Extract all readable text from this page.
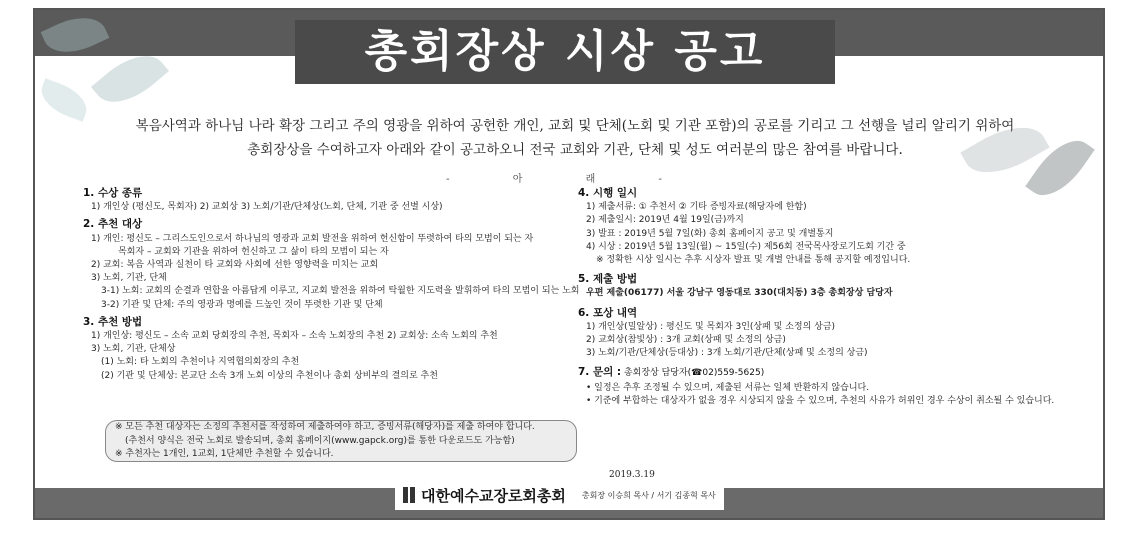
총회장상 시상 공고
복음사역과 하나님 나라 확장 그리고 주의 영광을 위하여 공헌한 개인, 교회 및 단체(노회 및 기관 포함)의 공로를 기리고 그 선행을 널리 알리기 위하여
총회장상을 수여하고자 아래와 같이 공고하오니 전국 교회와 기관, 단체 및 성도 여러분의 많은 참여를 바랍니다.
- 아 래 -
1. 수상 종류
1) 개인상 (평신도, 목회자) 2) 교회상 3) 노회/기관/단체상(노회, 단체, 기관 중 선별 시상)
2. 추천 대상
1) 개인: 평신도 – 그리스도인으로서 하나님의 영광과 교회 발전을 위하여 헌신함이 뚜렷하여 타의 모범이 되는 자
목회자 – 교회와 기관을 위하여 헌신하고 그 삶이 타의 모범이 되는 자
2) 교회: 복음 사역과 실천이 타 교회와 사회에 선한 영향력을 미치는 교회
3) 노회, 기관, 단체
3-1) 노회: 교회의 순결과 연합을 아름답게 이루고, 지교회 발전을 위하여 탁월한 지도력을 발휘하여 타의 모범이 되는 노회
3-2) 기관 및 단체: 주의 영광과 명예를 드높인 것이 뚜렷한 기관 및 단체
3. 추천 방법
1) 개인상: 평신도 – 소속 교회 당회장의 추천, 목회자 – 소속 노회장의 추천 2) 교회상: 소속 노회의 추천
3) 노회, 기관, 단체상
(1) 노회: 타 노회의 추천이나 지역협의회장의 추천
(2) 기관 및 단체상: 본교단 소속 3개 노회 이상의 추천이나 총회 상비부의 결의로 추천
※ 모든 추천 대상자는 소정의 추천서를 작성하여 제출하여야 하고, 증빙서류(해당자)를 제출 하여야 합니다.
(추천서 양식은 전국 노회로 발송되며, 총회 홈페이지(www.gapck.org)를 통한 다운로드도 가능함)
※ 추천자는 1개인, 1교회, 1단체만 추천할 수 있습니다.
4. 시행 일시
1) 제출서류: ① 추천서 ② 기타 증빙자료(해당자에 한함)
2) 제출일시: 2019년 4월 19일(금)까지
3) 발표 : 2019년 5월 7일(화) 총회 홈페이지 공고 및 개별통지
4) 시상 : 2019년 5월 13일(월) ~ 15일(수) 제56회 전국목사장로기도회 기간 중
※ 정확한 시상 일시는 추후 시상자 발표 및 개별 안내를 통해 공지할 예정입니다.
5. 제출 방법
우편 제출(06177) 서울 강남구 영동대로 330(대치동) 3층 총회장상 담당자
6. 포상 내역
1) 개인상(밀알상) : 평신도 및 목회자 3인(상패 및 소정의 상금)
2) 교회상(참빛상) : 3개 교회(상패 및 소정의 상금)
3) 노회/기관/단체상(등대상) : 3개 노회/기관/단체(상패 및 소정의 상금)
7. 문의 : 총회장상 담당자(☎02)559-5625)
• 일정은 추후 조정될 수 있으며, 제출된 서류는 일체 반환하지 않습니다.
• 기준에 부합하는 대상자가 없을 경우 시상되지 않을 수 있으며, 추천의 사유가 허위인 경우 수상이 취소될 수 있습니다.
2019.3.19
대한예수교장로회총회 총회장 이승희 목사 / 서기 김종혁 목사
